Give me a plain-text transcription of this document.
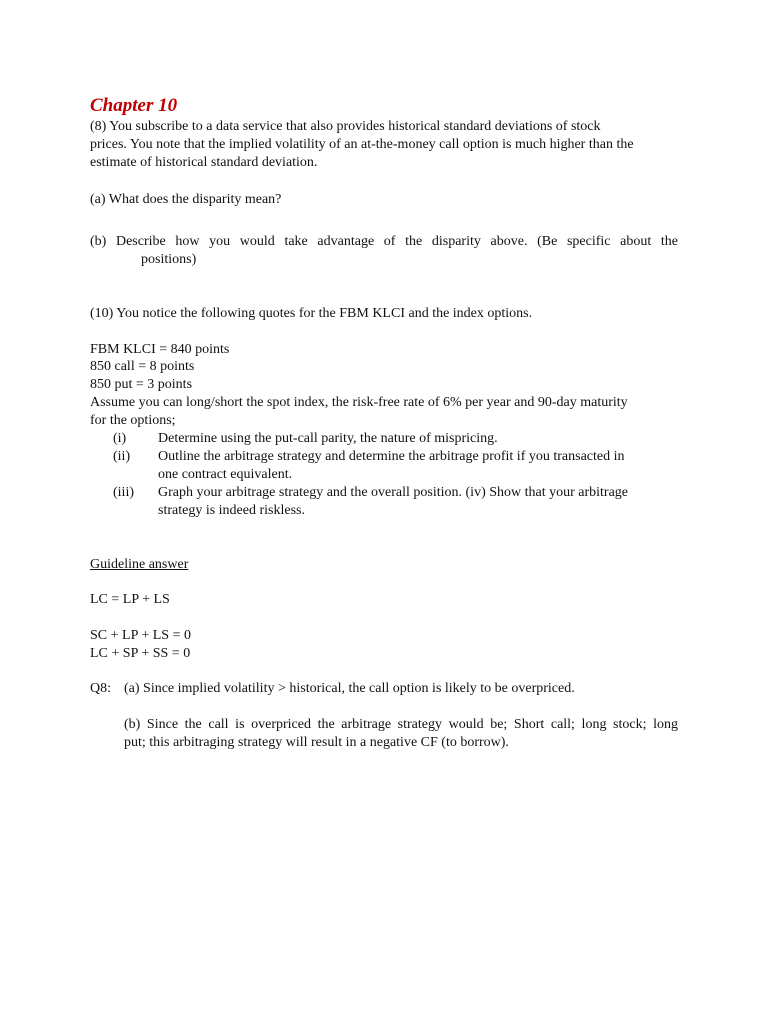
Chapter 10
(8) You subscribe to a data service that also provides historical standard deviations of stock
prices. You note that the implied volatility of an at-the-money call option is much higher than the
estimate of historical standard deviation.
(a) What does the disparity mean?
(b) Describe how you would take advantage of the disparity above. (Be specific about the
positions)
(10) You notice the following quotes for the FBM KLCI and the index options.
FBM KLCI = 840 points
850 call = 8 points
850 put = 3 points
Assume you can long/short the spot index, the risk-free rate of 6% per year and 90-day maturity
for the options;
(i) Determine using the put-call parity, the nature of mispricing.
(ii) Outline the arbitrage strategy and determine the arbitrage profit if you transacted in
one contract equivalent.
(iii) Graph your arbitrage strategy and the overall position. (iv) Show that your arbitrage
strategy is indeed riskless.
Guideline answer
LC = LP + LS
SC + LP + LS = 0
LC + SP + SS = 0
Q8: (a) Since implied volatility > historical, the call option is likely to be overpriced.
(b) Since the call is overpriced the arbitrage strategy would be; Short call; long stock; long
put; this arbitraging strategy will result in a negative CF (to borrow).
